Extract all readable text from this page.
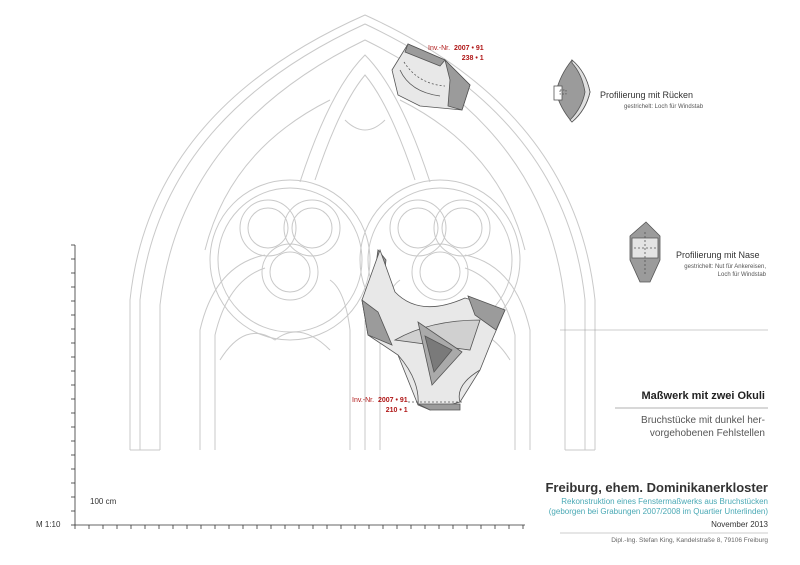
Inv.-Nr. 2007 • 91
238 • 1
Inv.-Nr. 2007 • 91
210 • 1
Profilierung mit Rücken
gestrichelt: Loch für Windstab
Profilierung mit Nase
gestrichelt: Nut für Ankereisen,
Loch für Windstab
Maßwerk mit zwei Okuli
Bruchstücke mit dunkel her-
vorgehobenen Fehlstellen
Freiburg, ehem. Dominikanerkloster
Rekonstruktion eines Fenstermaßwerks aus Bruchstücken
(geborgen bei Grabungen 2007/2008 im Quartier Unterlinden)
November 2013
Dipl.-Ing. Stefan King, Kandelstraße 8, 79106 Freiburg
100 cm
M 1:10
